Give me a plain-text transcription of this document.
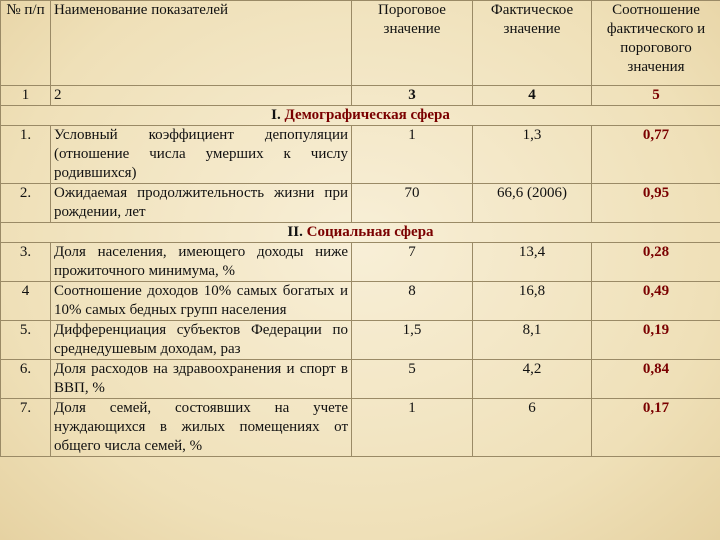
№ п/п	Наименование показателей	Пороговое значение	Фактическое значение	Соотношение фактического и порогового значения
1	2	3	4	5
I. Демографическая сфера				
1.	Условный коэффициент депопуляции (отношение числа умерших к числу родившихся)	1	1,3	0,77
2.	Ожидаемая продолжительность жизни при рождении, лет	70	66,6 (2006)	0,95
II. Социальная сфера				
3.	Доля населения, имеющего доходы ниже прожиточного минимума, %	7	13,4	0,28
4	Соотношение доходов 10% самых богатых и 10% самых бедных групп населения	8	16,8	0,49
5.	Дифференциация субъектов Федерации по среднедушевым доходам, раз	1,5	8,1	0,19
6.	Доля расходов на здравоохранения и спорт в ВВП, %	5	4,2	0,84
7.	Доля семей, состоявших на учете нуждающихся в жилых помещениях от общего числа семей, %	1	6	0,17
